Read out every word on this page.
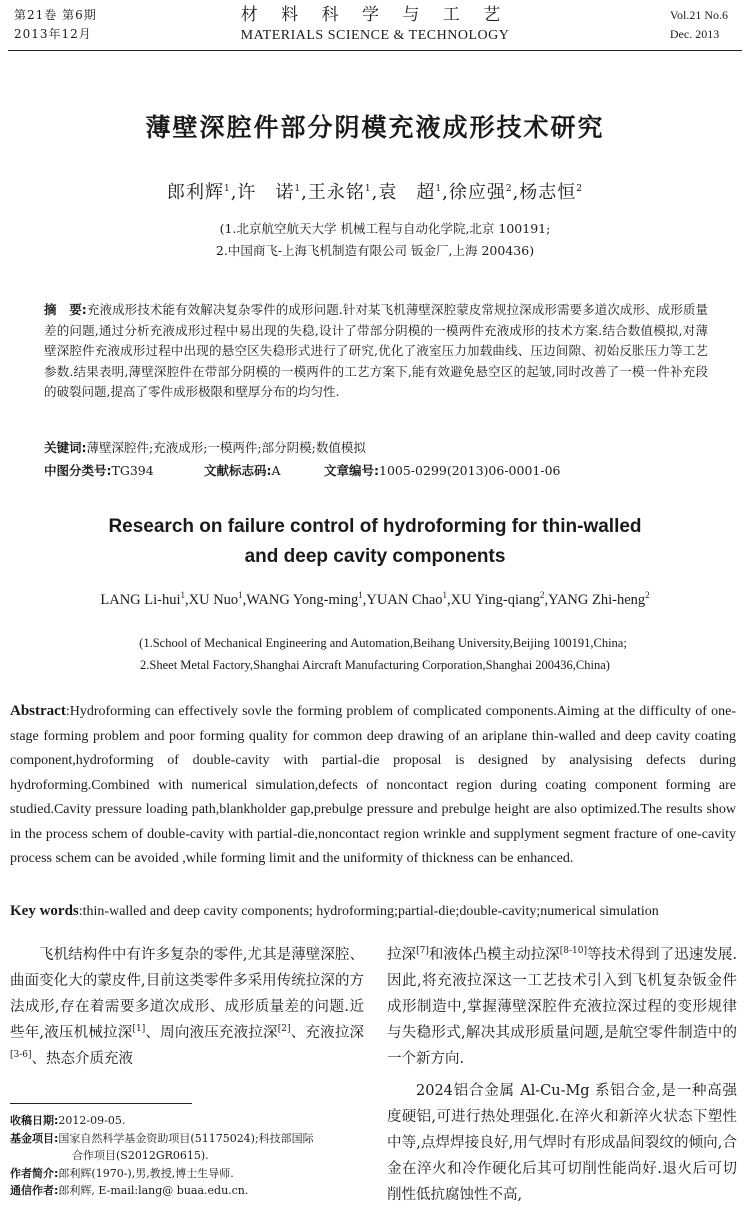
第21卷 第6期
2013年12月
材 料 科 学 与 工 艺
MATERIALS SCIENCE & TECHNOLOGY
Vol.21 No.6
Dec. 2013
薄壁深腔件部分阴模充液成形技术研究
郎利辉$^1$,许　诺$^1$,王永铭$^1$,袁　超$^1$,徐应强$^2$,杨志恒$^2$
(1.北京航空航天大学 机械工程与自动化学院,北京 100191;
2.中国商飞-上海飞机制造有限公司 钣金厂,上海 200436)
摘　要:充液成形技术能有效解决复杂零件的成形问题.针对某飞机薄壁深腔蒙皮常规拉深成形需要多道次成形、成形质量差的问题,通过分析充液成形过程中易出现的失稳,设计了带部分阴模的一模两件充液成形的技术方案.结合数值模拟,对薄壁深腔件充液成形过程中出现的悬空区失稳形式进行了研究,优化了液室压力加载曲线、压边间隙、初始反胀压力等工艺参数.结果表明,薄壁深腔件在带部分阴模的一模两件的工艺方案下,能有效避免悬空区的起皱,同时改善了一模一件补充段的破裂问题,提高了零件成形极限和壁厚分布的均匀性.
关键词:薄壁深腔件;充液成形;一模两件;部分阴模;数值模拟
中图分类号:TG394	文献标志码:A	文章编号:1005-0299(2013)06-0001-06
Research on failure control of hydroforming for thin-walled
and deep cavity components
LANG Li-hui$^1$,XU Nuo$^1$,WANG Yong-ming$^1$,YUAN Chao$^1$,XU Ying-qiang$^2$,YANG Zhi-heng$^2$
(1.School of Mechanical Engineering and Automation,Beihang University,Beijing 100191,China;
2.Sheet Metal Factory,Shanghai Aircraft Manufacturing Corporation,Shanghai 200436,China)
Abstract:Hydroforming can effectively sovle the forming problem of complicated components.Aiming at the difficulty of one-stage forming problem and poor forming quality for common deep drawing of an ariplane thin-walled and deep cavity coating component,hydroforming of double-cavity with partial-die proposal is designed by analysising defects during hydroforming.Combined with numerical simulation,defects of noncontact region during coating component forming are studied.Cavity pressure loading path,blankholder gap,prebulge pressure and prebulge height are also optimized.The results show in the process schem of double-cavity with partial-die,noncontact region wrinkle and supplyment segment fracture of one-cavity process schem can be avoided ,while forming limit and the uniformity of thickness can be enhanced.
Key words:thin-walled and deep cavity components; hydroforming;partial-die;double-cavity;numerical simulation

飞机结构件中有许多复杂的零件,尤其是薄壁深腔、曲面变化大的蒙皮件,目前这类零件多采用传统拉深的方法成形,存在着需要多道次成形、成形质量差的问题.近些年,液压机械拉深[1]、周向液压充液拉深[2]、充液拉深[3-6]、热态介质充液

拉深[7]和液体凸模主动拉深[8-10]等技术得到了迅速发展.因此,将充液拉深这一工艺技术引入到飞机复杂钣金件成形制造中,掌握薄壁深腔件充液拉深过程的变形规律与失稳形式,解决其成形质量问题,是航空零件制造中的一个新方向.

2024铝合金属 Al-Cu-Mg 系铝合金,是一种高强度硬铝,可进行热处理强化.在淬火和新淬火状态下塑性中等,点焊焊接良好,用气焊时有形成晶间裂纹的倾向,合金在淬火和冷作硬化后其可切削性能尚好.退火后可切削性低抗腐蚀性不高,

收稿日期:2012-09-05.
基金项目:国家自然科学基金资助项目(51175024);科技部国际
合作项目(S2012GR0615).
作者简介:郎利辉(1970-),男,教授,博士生导师.
通信作者:郎利辉, E-mail:lang@ buaa.edu.cn.
